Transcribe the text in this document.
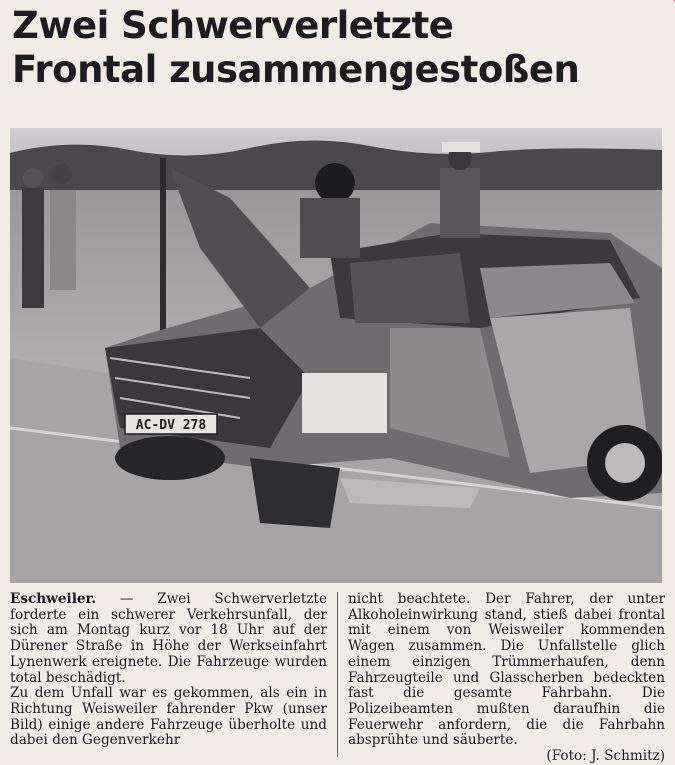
Zwei Schwerverletzte
Frontal zusammengestoßen
AC-DV 278

Eschweiler. — Zwei Schwerverletzte forderte ein schwerer Verkehrsunfall, der sich am Montag kurz vor 18 Uhr auf der Dürener Straße in Höhe der Werkseinfahrt Lynenwerk ereignete. Die Fahrzeuge wurden total beschädigt.

Zu dem Unfall war es gekommen, als ein in Richtung Weisweiler fahrender Pkw (unser Bild) einige andere Fahrzeuge überholte und dabei den Gegenverkehr

nicht beachtete. Der Fahrer, der unter Alkoholeinwirkung stand, stieß dabei frontal mit einem von Weisweiler kommenden Wagen zusammen. Die Unfallstelle glich einem einzigen Trümmerhaufen, denn Fahrzeugteile und Glasscherben bedeckten fast die gesamte Fahrbahn. Die Polizeibeamten mußten daraufhin die Feuerwehr anfordern, die die Fahrbahn absprühte und säuberte.

(Foto: J. Schmitz)
